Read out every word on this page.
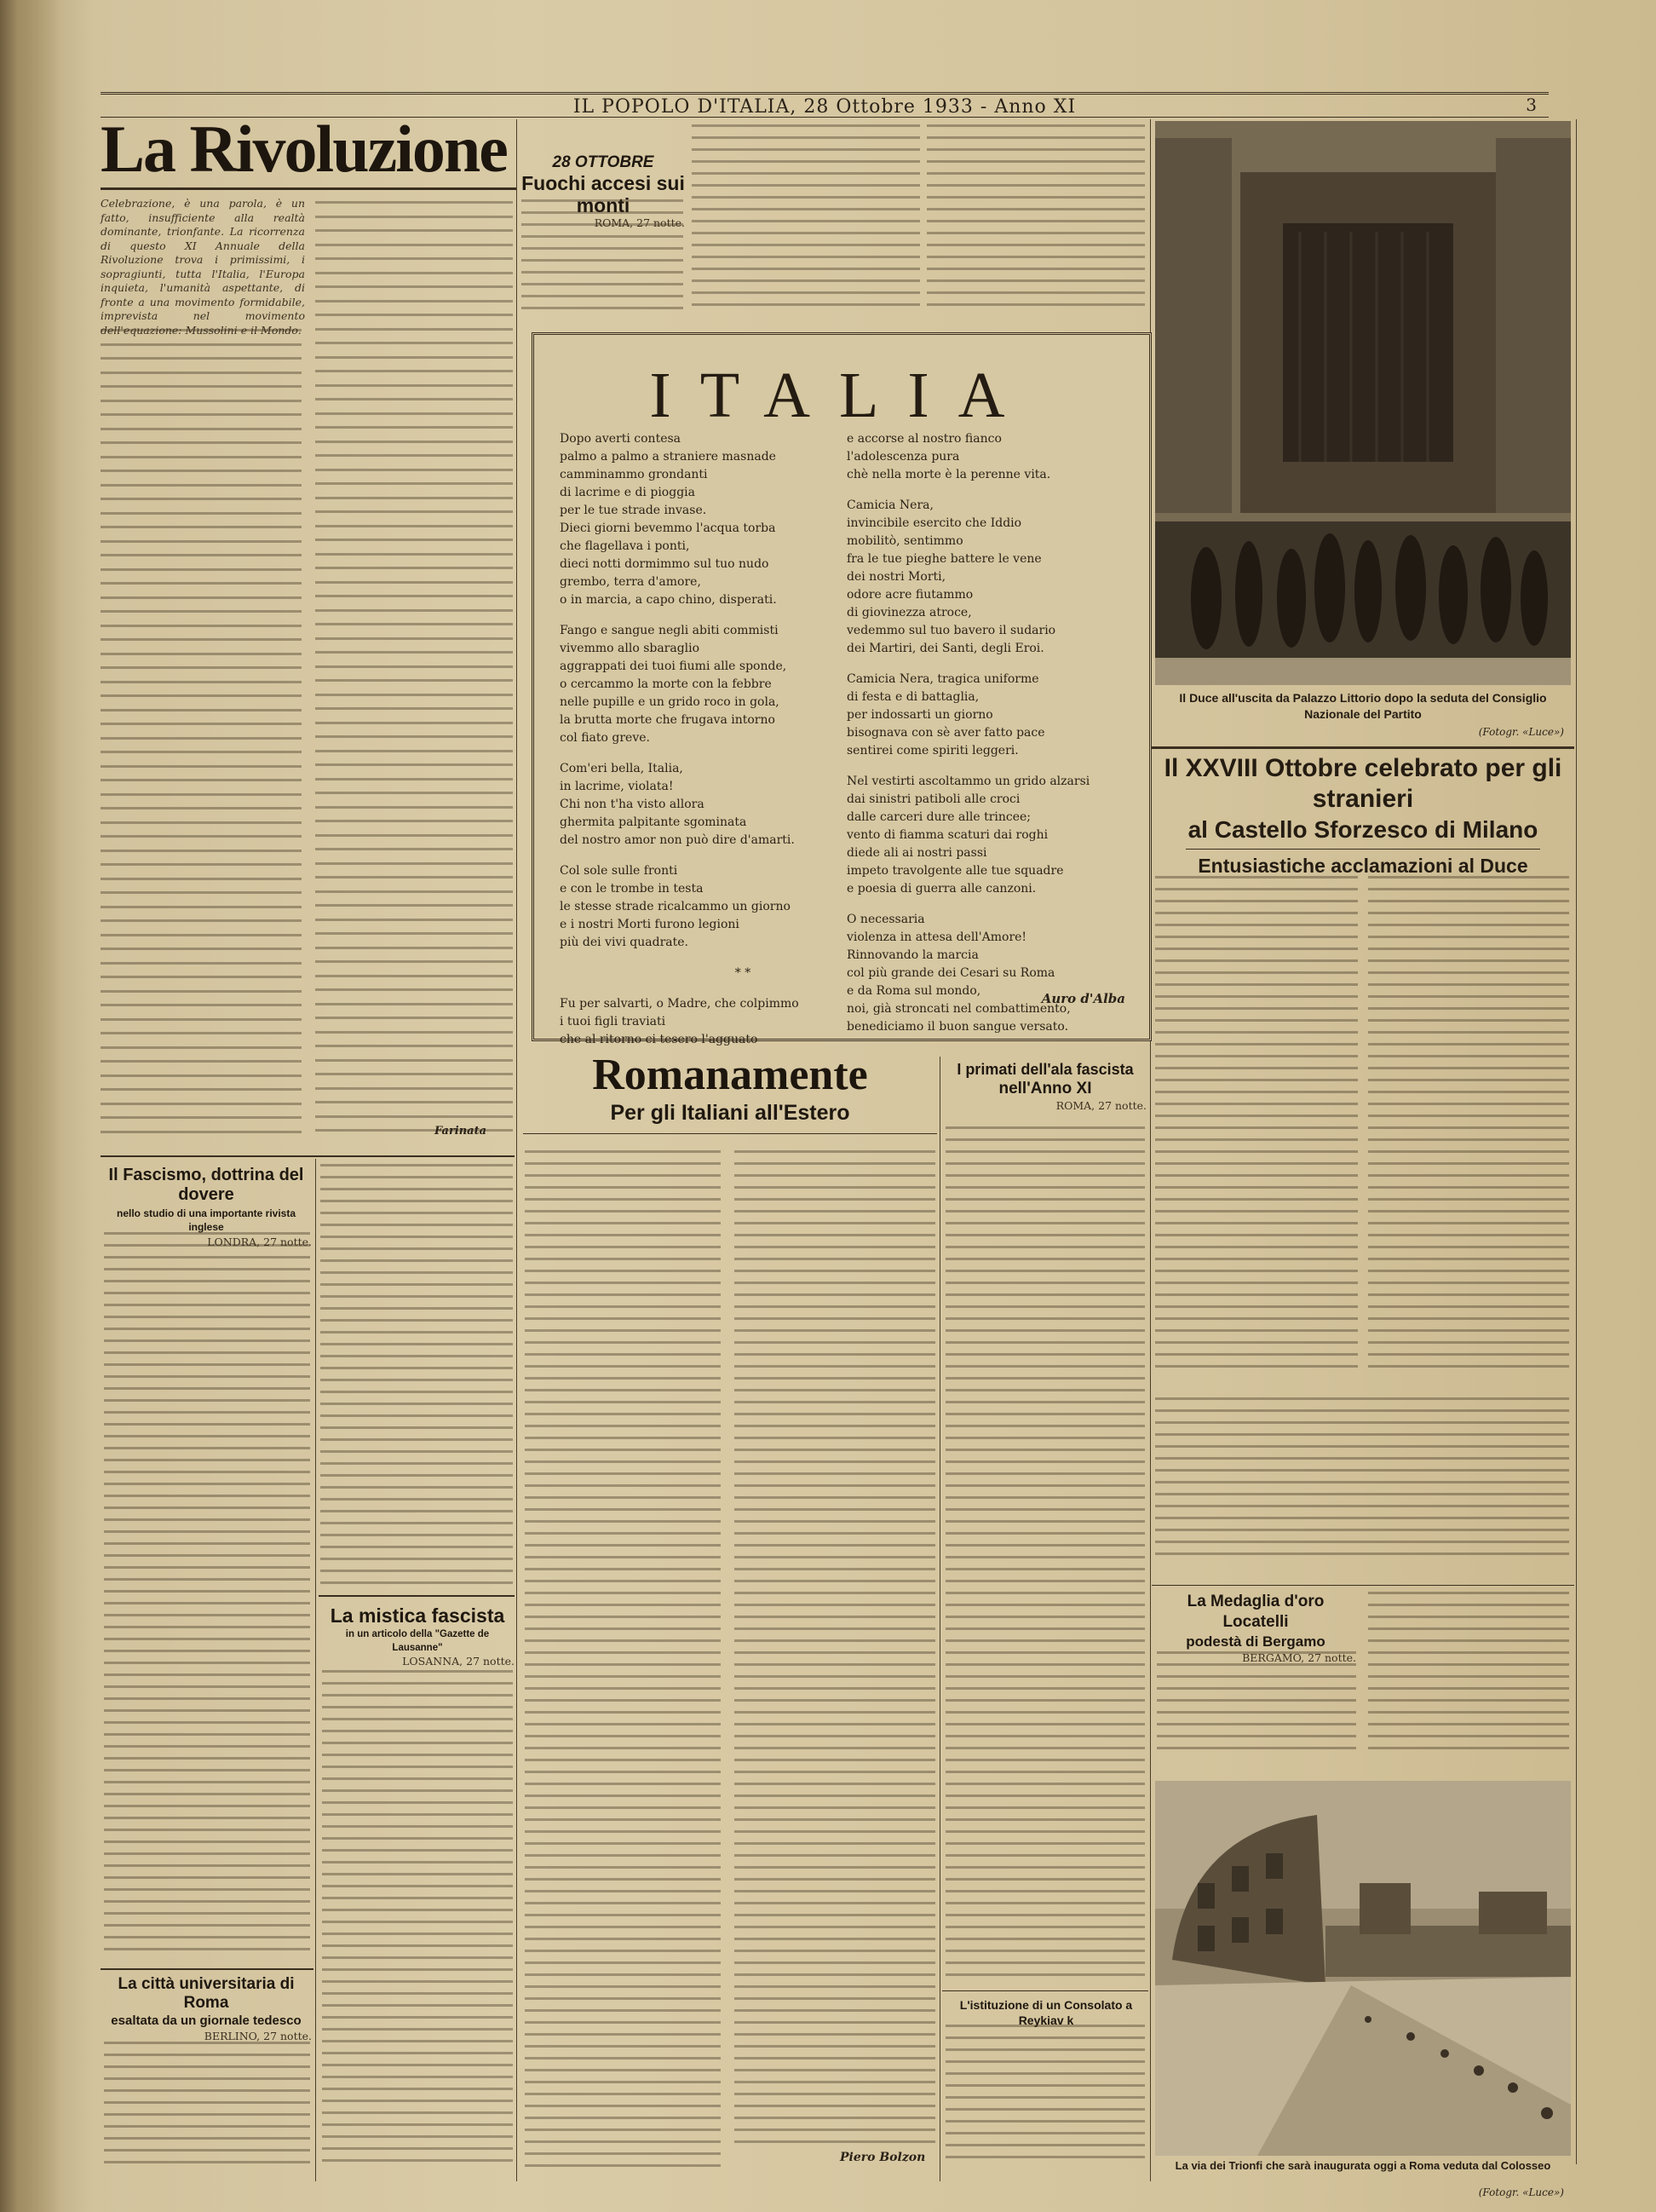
IL POPOLO D'ITALIA, 28 Ottobre 1933 - Anno XI	3
La Rivoluzione
Celebrazione, è una parola, è un fatto, insufficiente alla realtà dominante, trionfante. La ricorrenza di questo XI Annuale della Rivoluzione trova i primissimi, i sopragiunti, tutta l'Italia, l'Europa inquieta, l'umanità aspettante, di fronte a una movimento formidabile, imprevista nel movimento dell'equazione: Mussolini e il Mondo.
Farinata
Il Fascismo, dottrina del dovere
nello studio di una importante rivista inglese
LONDRA, 27 notte.
La città universitaria di Roma
esaltata da un giornale tedesco
BERLINO, 27 notte.
La mistica fascista
in un articolo della "Gazette de Lausanne"
LOSANNA, 27 notte.
28 OTTOBRE
Fuochi accesi sui monti
ROMA, 27 notte.
ITALIA

Dopo averti contesa
palmo a palmo a straniere masnade
camminammo grondanti
di lacrime e di pioggia
per le tue strade invase.
Dieci giorni bevemmo l'acqua torba
che flagellava i ponti,
dieci notti dormimmo sul tuo nudo
grembo, terra d'amore,
o in marcia, a capo chino, disperati.

Fango e sangue negli abiti commisti
vivemmo allo sbaraglio
aggrappati dei tuoi fiumi alle sponde,
o cercammo la morte con la febbre
nelle pupille e un grido roco in gola,
la brutta morte che frugava intorno
col fiato greve.

Com'eri bella, Italia,
in lacrime, violata!
Chi non t'ha visto allora
ghermita palpitante sgominata
del nostro amor non può dire d'amarti.

Col sole sulle fronti
e con le trombe in testa
le stesse strade ricalcammo un giorno
e i nostri Morti furono legioni
più dei vivi quadrate.

* *

Fu per salvarti, o Madre, che colpimmo
i tuoi figli traviati
che al ritorno ci tesero l'agguato

e accorse al nostro fianco
l'adolescenza pura
chè nella morte è la perenne vita.

Camicia Nera,
invincibile esercito che Iddio
mobilitò, sentimmo
fra le tue pieghe battere le vene
dei nostri Morti,
odore acre fiutammo
di giovinezza atroce,
vedemmo sul tuo bavero il sudario
dei Martiri, dei Santi, degli Eroi.

Camicia Nera, tragica uniforme
di festa e di battaglia,
per indossarti un giorno
bisognava con sè aver fatto pace
sentirei come spiriti leggeri.

Nel vestirti ascoltammo un grido alzarsi
dai sinistri patiboli alle croci
dalle carceri dure alle trincee;
vento di fiamma scaturi dai roghi
diede ali ai nostri passi
impeto travolgente alle tue squadre
e poesia di guerra alle canzoni.

O necessaria
violenza in attesa dell'Amore!
Rinnovando la marcia
col più grande dei Cesari su Roma
e da Roma sul mondo,
noi, già stroncati nel combattimento,
benediciamo il buon sangue versato.

Auro d'Alba
Romanamente
Per gli Italiani all'Estero
Piero Bolzon
I primati dell'ala fascista
nell'Anno XI
ROMA, 27 notte.
L'istituzione di un Consolato a Reykiav k
Il Duce all'uscita da Palazzo Littorio dopo la seduta del Consiglio Nazionale del Partito
(Fotogr. «Luce»)
Il XXVIII Ottobre celebrato per gli stranieri
al Castello Sforzesco di Milano
Entusiastiche acclamazioni al Duce
La Medaglia d'oro Locatelli
podestà di Bergamo
BERGAMO, 27 notte.
La via dei Trionfi che sarà inaugurata oggi a Roma veduta dal Colosseo
(Fotogr. «Luce»)
